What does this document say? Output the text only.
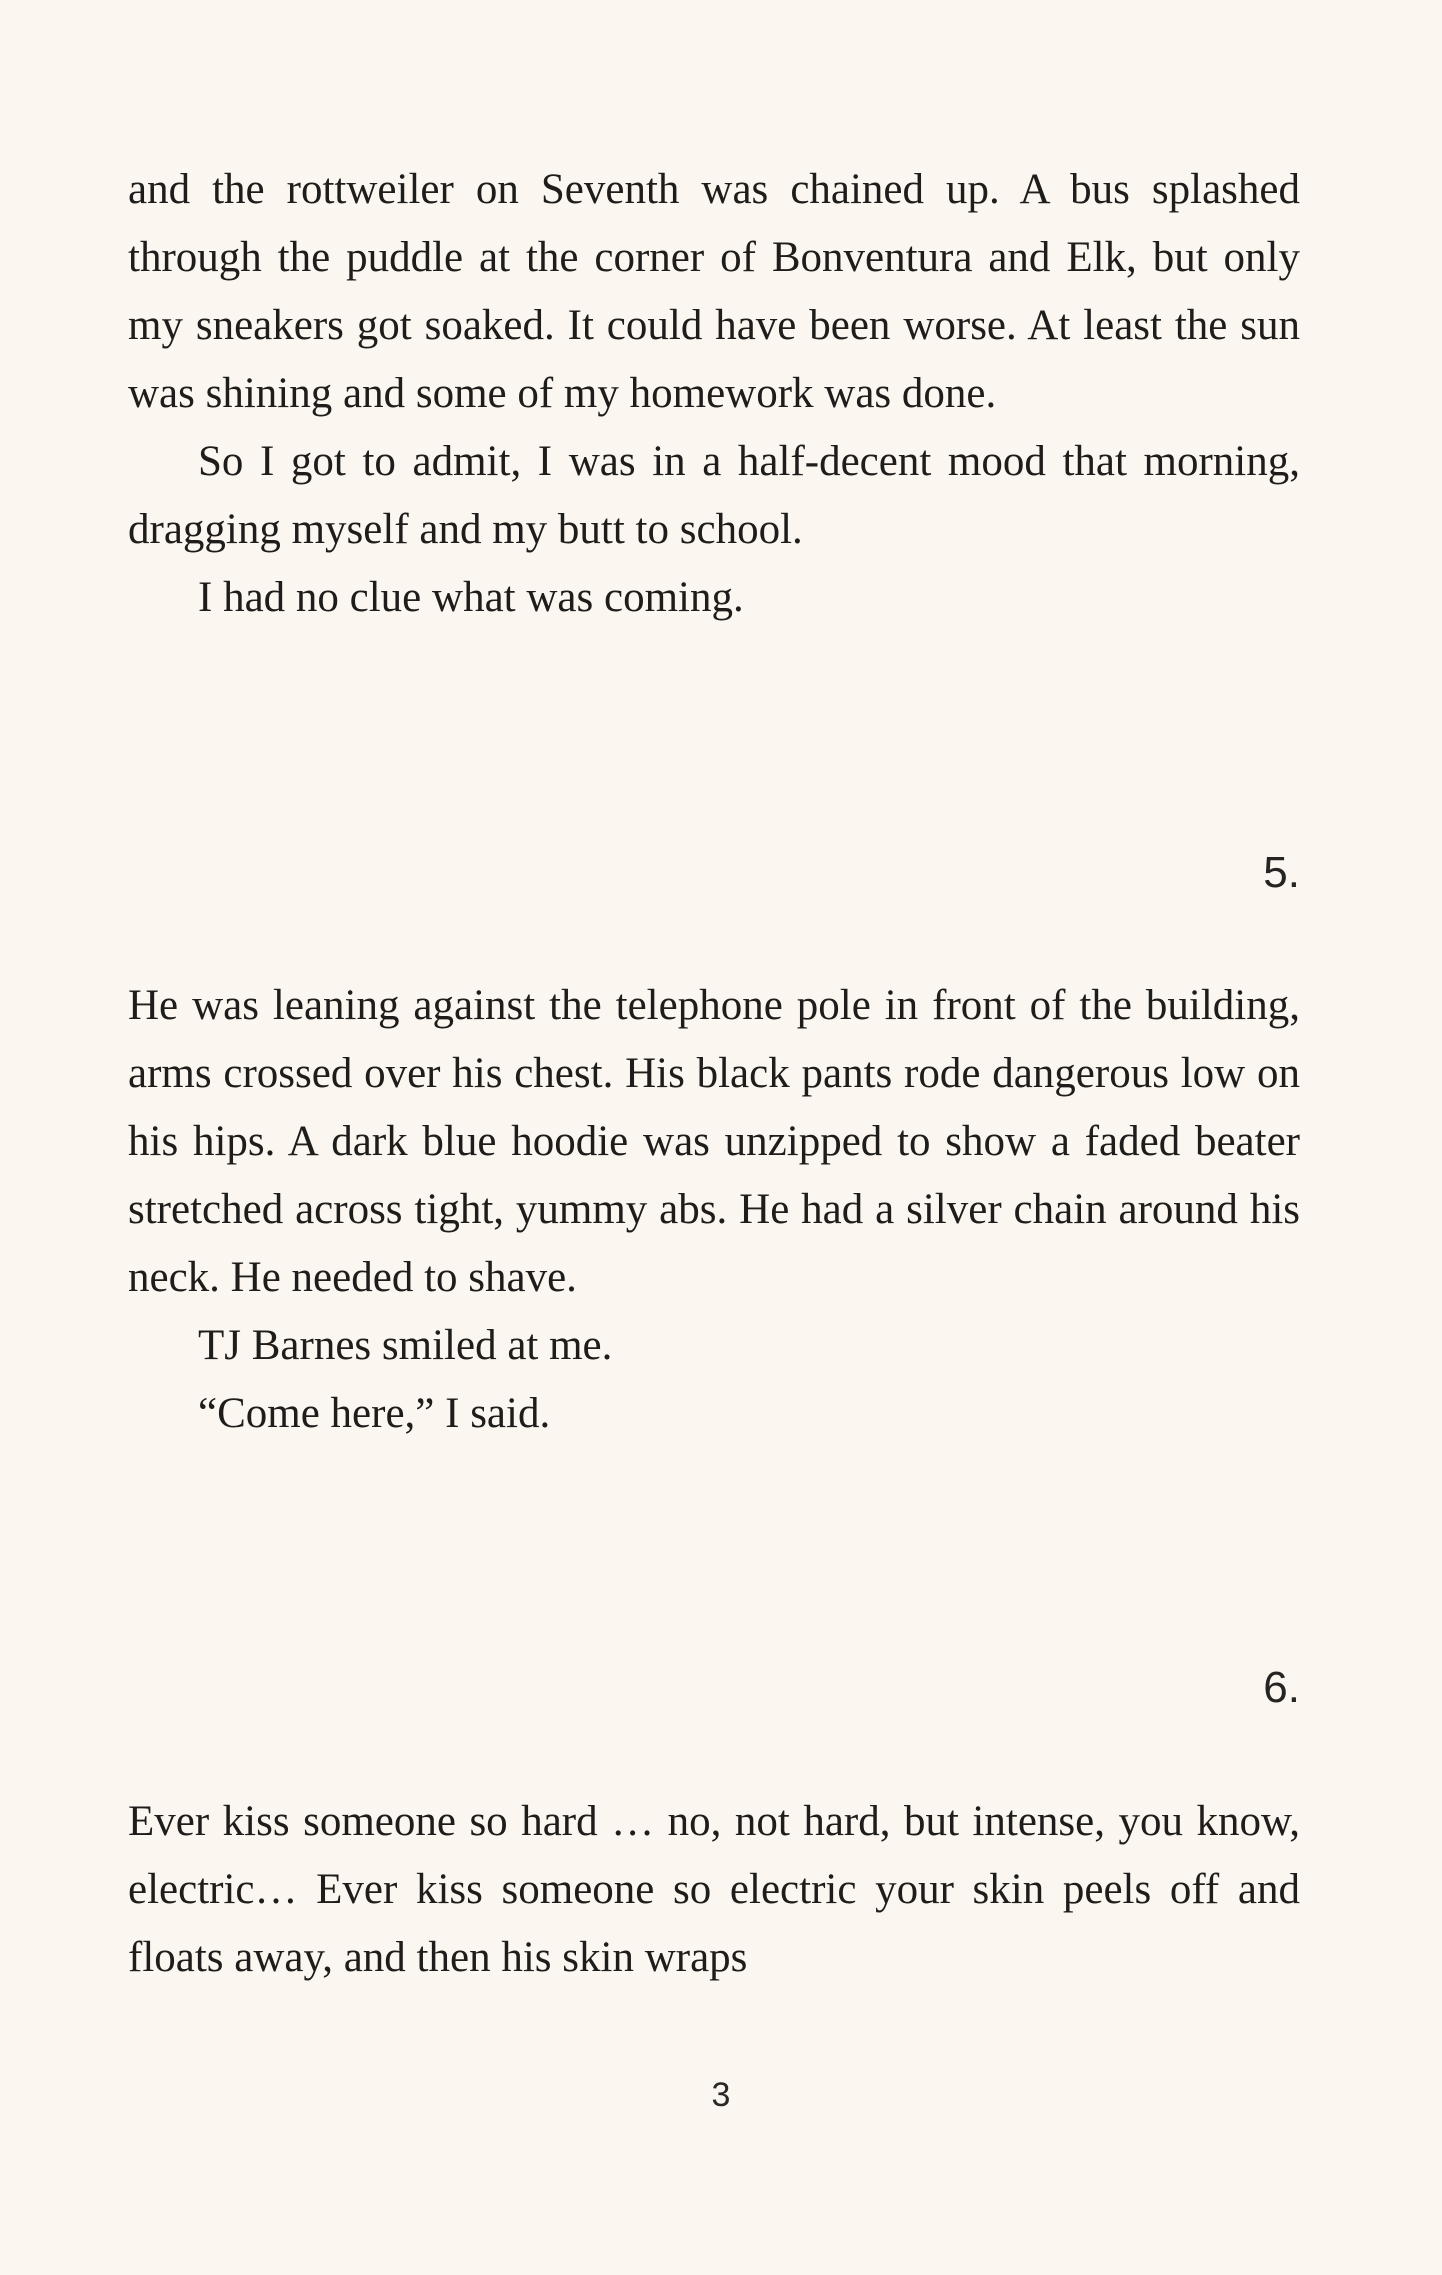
and the rottweiler on Seventh was chained up. A bus splashed through the puddle at the corner of Bonventura and Elk, but only my sneakers got soaked. It could have been worse. At least the sun was shining and some of my homework was done.

So I got to admit, I was in a half-decent mood that morning, dragging myself and my butt to school.

I had no clue what was coming.

5.

He was leaning against the telephone pole in front of the building, arms crossed over his chest. His black pants rode dangerous low on his hips. A dark blue hoodie was unzipped to show a faded beater stretched across tight, yummy abs. He had a silver chain around his neck. He needed to shave.

TJ Barnes smiled at me.

“Come here,” I said.

6.

Ever kiss someone so hard … no, not hard, but intense, you know, electric… Ever kiss someone so electric your skin peels off and floats away, and then his skin wraps

3
